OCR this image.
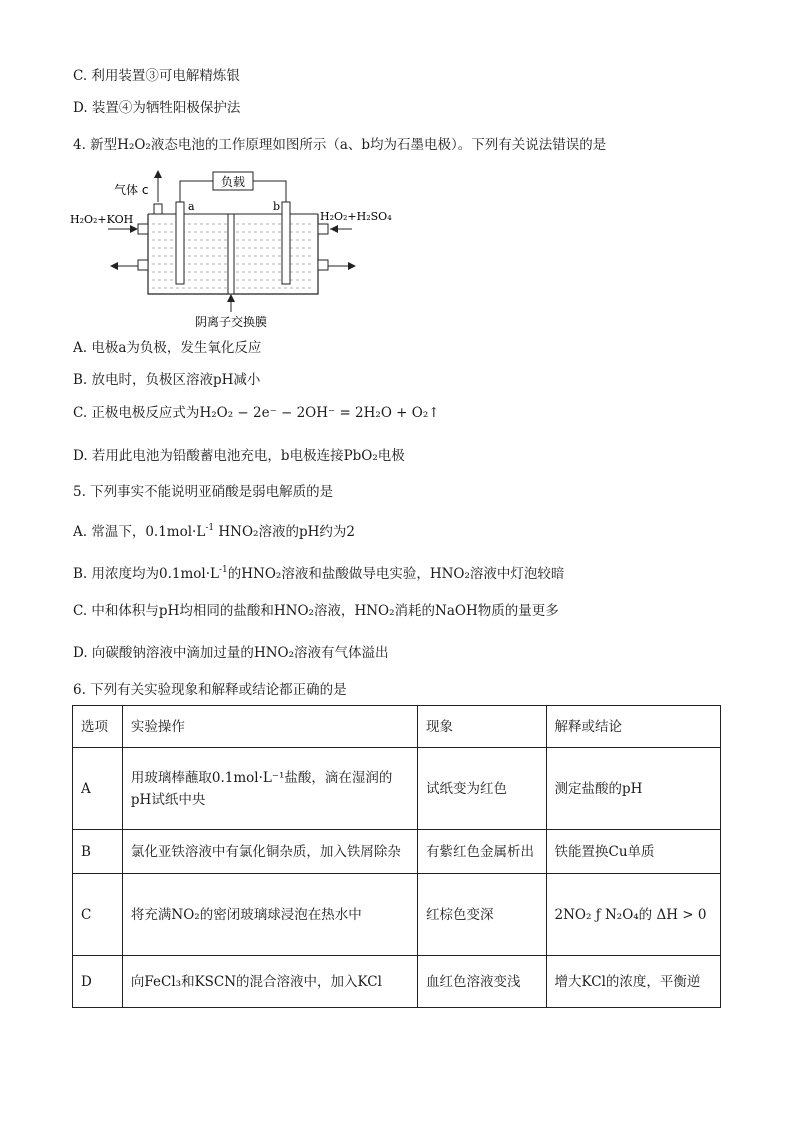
C. 利用装置③可电解精炼银
D. 装置④为牺牲阳极保护法
4. 新型H₂O₂液态电池的工作原理如图所示（a、b均为石墨电极）。下列有关说法错误的是
负载
a	b
气体 c
H₂O₂+KOH	H₂O₂+H₂SO₄
阴离子交换膜
A. 电极a为负极，发生氧化反应
B. 放电时，负极区溶液pH减小
C. 正极电极反应式为H₂O₂ − 2e⁻ − 2OH⁻ = 2H₂O + O₂↑
D. 若用此电池为铅酸蓄电池充电，b电极连接PbO₂电极
5. 下列事实不能说明亚硝酸是弱电解质的是
A. 常温下，$0.1mol\cdot L^{-1}$ HNO₂溶液的pH约为2
B. 用浓度均为$0.1mol\cdot L^{-1}$的HNO₂溶液和盐酸做导电实验，HNO₂溶液中灯泡较暗
C. 中和体积与pH均相同的盐酸和HNO₂溶液，HNO₂消耗的NaOH物质的量更多
D. 向碳酸钠溶液中滴加过量的HNO₂溶液有气体溢出
6. 下列有关实验现象和解释或结论都正确的是
选项	实验操作	现象	解释或结论
A	用玻璃棒蘸取0.1mol·L⁻¹盐酸，滴在湿润的pH试纸中央	试纸变为红色	测定盐酸的pH
B	氯化亚铁溶液中有氯化铜杂质，加入铁屑除杂	有紫红色金属析出	铁能置换Cu单质
C	将充满NO₂的密闭玻璃球浸泡在热水中	红棕色变深	2NO₂ ƒ N₂O₄的 ΔH > 0
D	向FeCl₃和KSCN的混合溶液中，加入KCl	血红色溶液变浅	增大KCl的浓度，平衡逆
